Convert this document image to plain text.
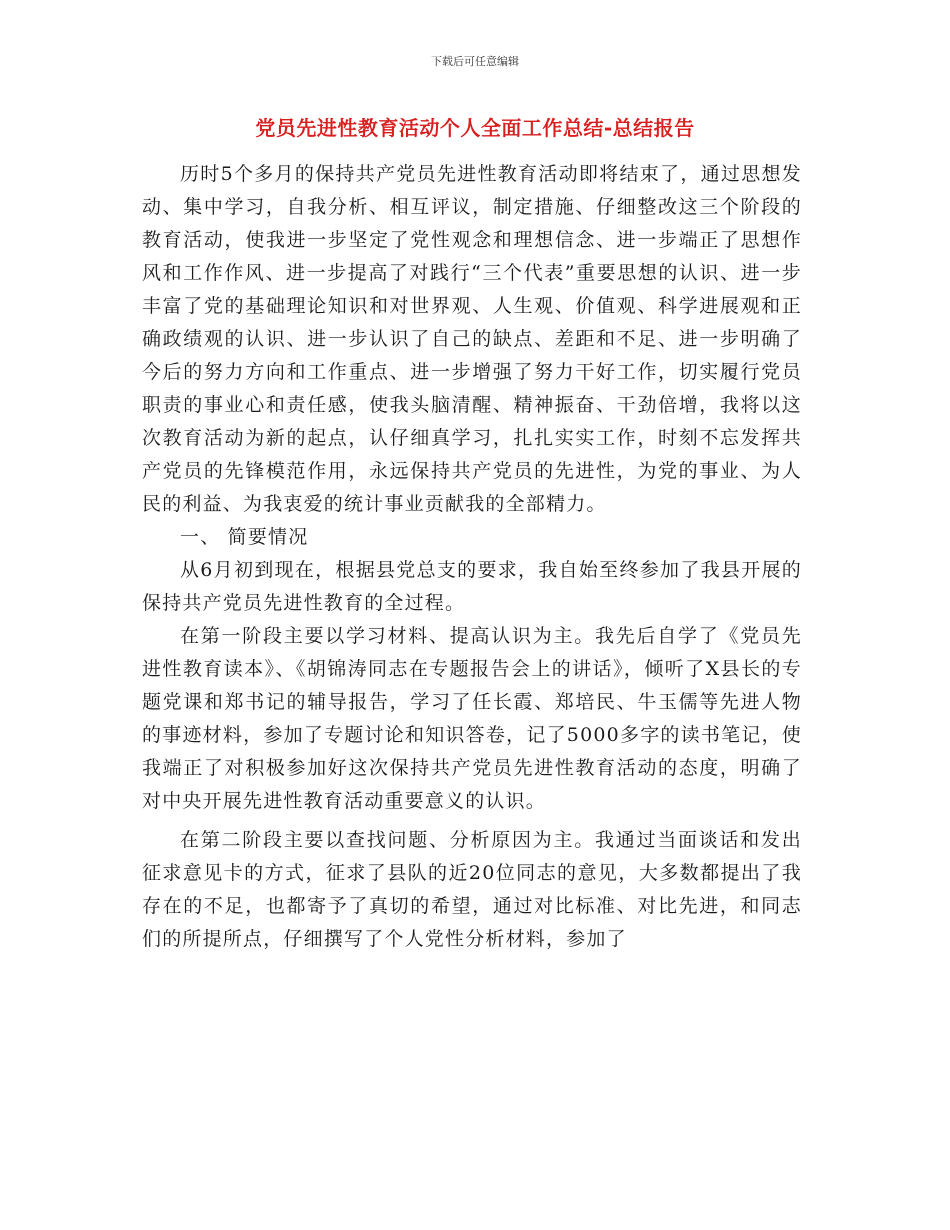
下载后可任意编辑
党员先进性教育活动个人全面工作总结-总结报告

历时5个多月的保持共产党员先进性教育活动即将结束了，通过思想发动、集中学习，自我分析、相互评议，制定措施、仔细整改这三个阶段的教育活动，使我进一步坚定了党性观念和理想信念、进一步端正了思想作风和工作作风、进一步提高了对践行“三个代表”重要思想的认识、进一步丰富了党的基础理论知识和对世界观、人生观、价值观、科学进展观和正确政绩观的认识、进一步认识了自己的缺点、差距和不足、进一步明确了今后的努力方向和工作重点、进一步增强了努力干好工作，切实履行党员职责的事业心和责任感，使我头脑清醒、精神振奋、干劲倍增，我将以这次教育活动为新的起点，认仔细真学习，扎扎实实工作，时刻不忘发挥共产党员的先锋模范作用，永远保持共产党员的先进性，为党的事业、为人民的利益、为我衷爱的统计事业贡献我的全部精力。

一、 简要情况

从6月初到现在，根据县党总支的要求，我自始至终参加了我县开展的保持共产党员先进性教育的全过程。

在第一阶段主要以学习材料、提高认识为主。我先后自学了《党员先进性教育读本》、《胡锦涛同志在专题报告会上的讲话》，倾听了X县长的专题党课和郑书记的辅导报告，学习了任长霞、郑培民、牛玉儒等先进人物的事迹材料，参加了专题讨论和知识答卷，记了5000多字的读书笔记，使我端正了对积极参加好这次保持共产党员先进性教育活动的态度，明确了对中央开展先进性教育活动重要意义的认识。

在第二阶段主要以查找问题、分析原因为主。我通过当面谈话和发出征求意见卡的方式，征求了县队的近20位同志的意见，大多数都提出了我存在的不足，也都寄予了真切的希望，通过对比标准、对比先进，和同志们的所提所点，仔细撰写了个人党性分析材料，参加了
